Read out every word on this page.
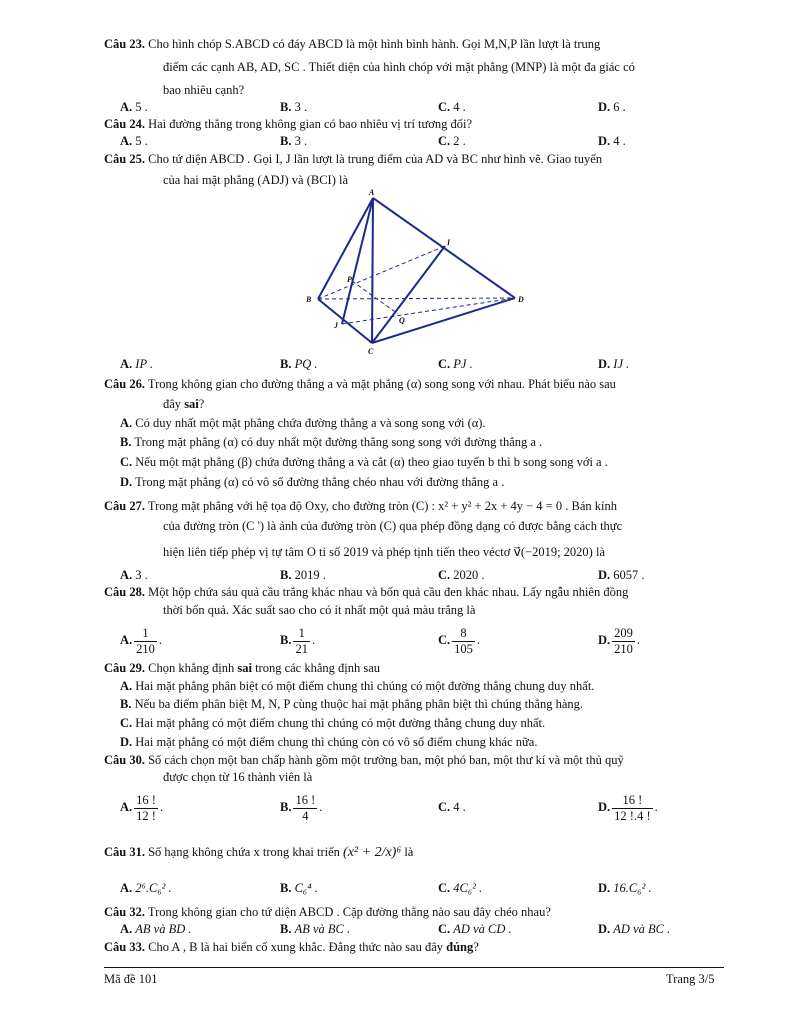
Câu 23. Cho hình chóp S.ABCD có đáy ABCD là một hình bình hành. Gọi M,N,P lần lượt là trung
điểm các cạnh AB, AD, SC . Thiết diện của hình chóp với mặt phẳng (MNP) là một đa giác có
bao nhiêu cạnh?
A. 5 .	B. 3 .	C. 4 .	D. 6 .
Câu 24. Hai đường thẳng trong không gian có bao nhiêu vị trí tương đối?
A. 5 .	B. 3 .	C. 2 .	D. 4 .
Câu 25. Cho tứ diện ABCD . Gọi I, J lần lượt là trung điểm của AD và BC như hình vẽ. Giao tuyến
của hai mặt phẳng (ADJ) và (BCI) là
A
B
C
D
I
J
P
Q
A. IP .	B. PQ .	C. PJ .	D. IJ .
Câu 26. Trong không gian cho đường thẳng a và mặt phẳng (α) song song với nhau. Phát biểu nào sau
đây sai?
A. Có duy nhất một mặt phẳng chứa đường thẳng a và song song với (α).
B. Trong mặt phẳng (α) có duy nhất một đường thẳng song song với đường thẳng a .
C. Nếu một mặt phẳng (β) chứa đường thẳng a và cắt (α) theo giao tuyến b thì b song song với a .
D. Trong mặt phẳng (α) có vô số đường thẳng chéo nhau với đường thẳng a .
Câu 27. Trong mặt phẳng với hệ tọa độ Oxy, cho đường tròn (C) : x² + y² + 2x + 4y − 4 = 0 . Bán kính
của đường tròn (C ') là ảnh của đường tròn (C) qua phép đồng dạng có được bằng cách thực
hiện liên tiếp phép vị tự tâm O tỉ số 2019 và phép tịnh tiến theo véctơ v⃗(−2019; 2020) là
A. 3 .	B. 2019 .	C. 2020 .	D. 6057 .
Câu 28. Một hộp chứa sáu quả cầu trắng khác nhau và bốn quả cầu đen khác nhau. Lấy ngẫu nhiên đồng
thời bốn quả. Xác suất sao cho có ít nhất một quả màu trắng là
A. $\frac{1}{210}$ .	B. $\frac{1}{21}$ .	C. $\frac{8}{105}$ .	D. $\frac{209}{210}$ .
Câu 29. Chọn khẳng định sai trong các khẳng định sau
A. Hai mặt phẳng phân biệt có một điểm chung thì chúng có một đường thẳng chung duy nhất.
B. Nếu ba điểm phân biệt M, N, P cùng thuộc hai mặt phẳng phân biệt thì chúng thẳng hàng.
C. Hai mặt phẳng có một điểm chung thì chúng có một đường thẳng chung duy nhất.
D. Hai mặt phẳng có một điểm chung thì chúng còn có vô số điểm chung khác nữa.
Câu 30. Số cách chọn một ban chấp hành gồm một trưởng ban, một phó ban, một thư kí và một thủ quỹ
được chọn từ 16 thành viên là
A. $\frac{16 !}{12 !}$ .	B. $\frac{16 !}{4}$ .	C. 4 .	D. $\frac{16 !}{12 !.4 !}$ .
Câu 31. Số hạng không chứa x trong khai triển (x² + 2/x)⁶ là
A. 2⁶.C₆² .	B. C₆⁴ .	C. 4C₆² .	D. 16.C₆² .
Câu 32. Trong không gian cho tứ diện ABCD . Cặp đường thẳng nào sau đây chéo nhau?
A. AB và BD .	B. AB và BC .	C. AD và CD .	D. AD và BC .
Câu 33. Cho A , B là hai biến cố xung khắc. Đẳng thức nào sau đây đúng?
Mã đề 101	Trang 3/5
